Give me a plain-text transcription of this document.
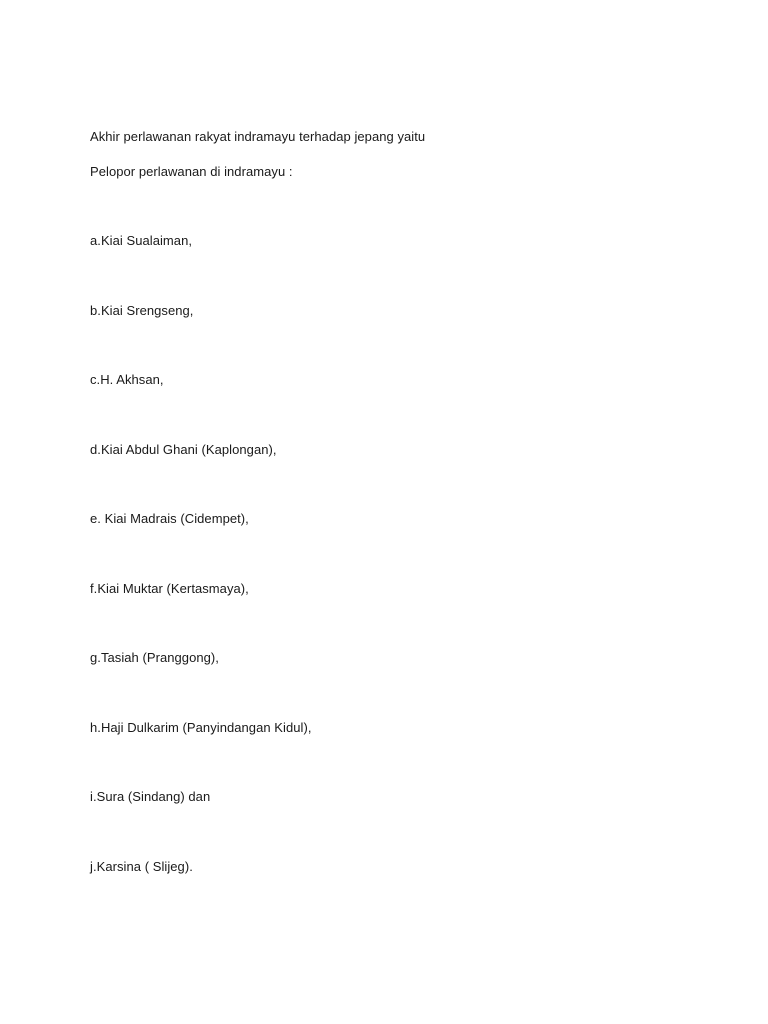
Akhir perlawanan rakyat indramayu terhadap jepang yaitu
Pelopor perlawanan di indramayu :
a.Kiai Sualaiman,
b.Kiai Srengseng,
c.H. Akhsan,
d.Kiai Abdul Ghani (Kaplongan),
e. Kiai Madrais (Cidempet),
f.Kiai Muktar (Kertasmaya),
g.Tasiah (Pranggong),
h.Haji Dulkarim (Panyindangan Kidul),
i.Sura (Sindang) dan
j.Karsina ( Slijeg).
